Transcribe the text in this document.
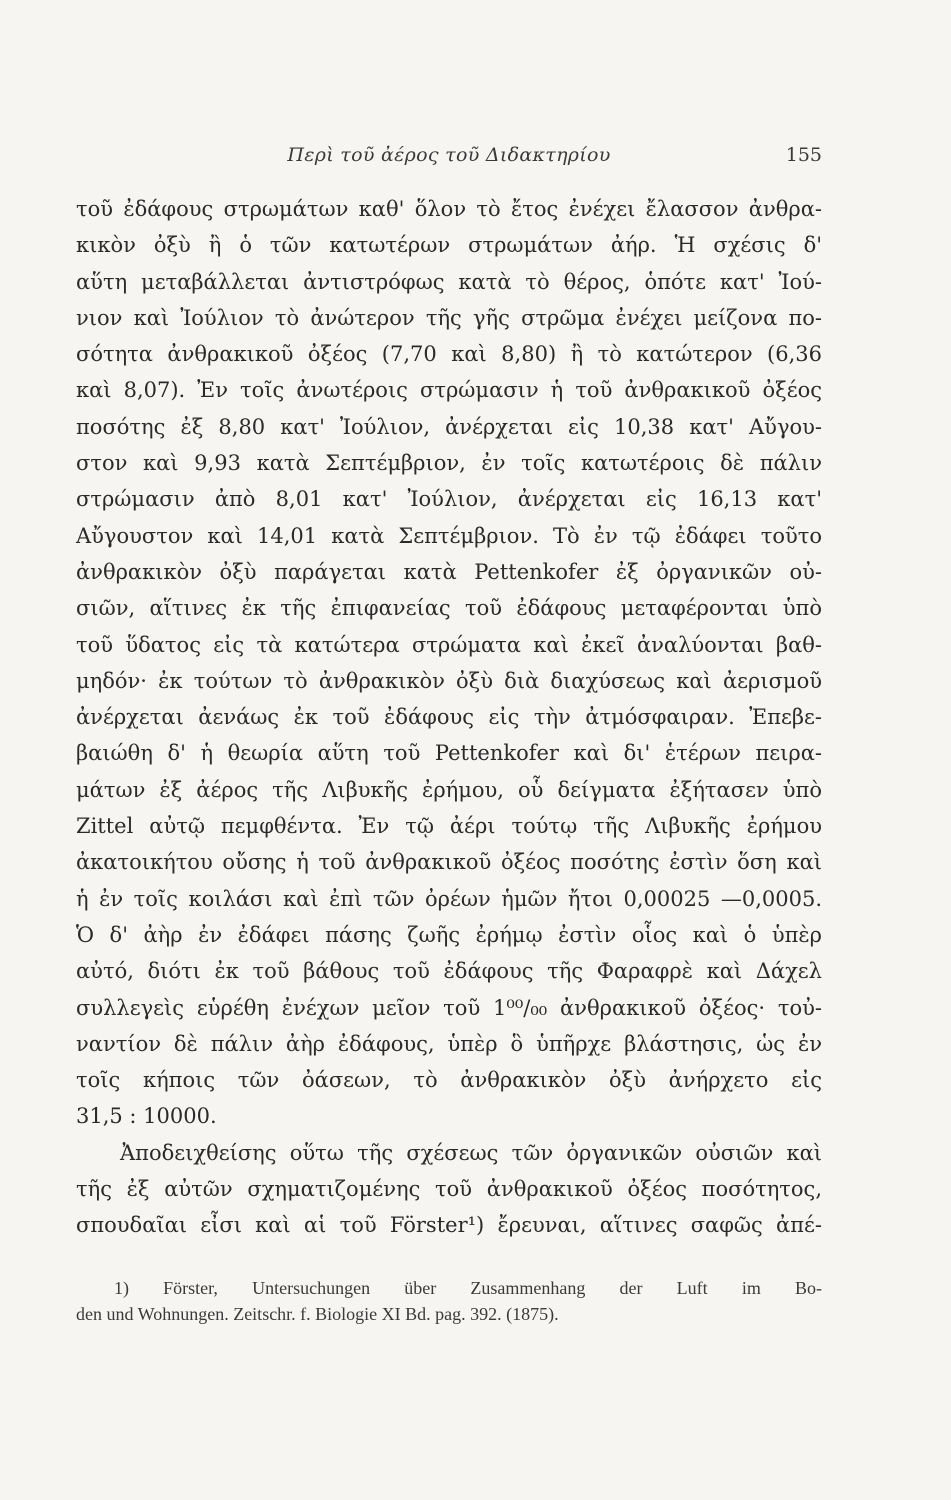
Περὶ τοῦ ἀέρος τοῦ Διδακτηρίου	155
τοῦ ἐδάφους στρωμάτων καθ' ὅλον τὸ ἔτος ἐνέχει ἔλασσον ἀνθρα-
κικὸν ὀξὺ ἢ ὁ τῶν κατωτέρων στρωμάτων ἀήρ. Ἡ σχέσις δ'
αὕτη μεταβάλλεται ἀντιστρόφως κατὰ τὸ θέρος, ὁπότε κατ' Ἰού-
νιον καὶ Ἰούλιον τὸ ἀνώτερον τῆς γῆς στρῶμα ἐνέχει μείζονα πο-
σότητα ἀνθρακικοῦ ὀξέος (7,70 καὶ 8,80) ἢ τὸ κατώτερον (6,36
καὶ 8,07). Ἐν τοῖς ἀνωτέροις στρώμασιν ἡ τοῦ ἀνθρακικοῦ ὀξέος
ποσότης ἐξ 8,80 κατ' Ἰούλιον, ἀνέρχεται εἰς 10,38 κατ' Αὔγου-
στον καὶ 9,93 κατὰ Σεπτέμβριον, ἐν τοῖς κατωτέροις δὲ πάλιν
στρώμασιν ἀπὸ 8,01 κατ' Ἰούλιον, ἀνέρχεται εἰς 16,13 κατ'
Αὔγουστον καὶ 14,01 κατὰ Σεπτέμβριον. Τὸ ἐν τῷ ἐδάφει τοῦτο
ἀνθρακικὸν ὀξὺ παράγεται κατὰ Pettenkofer ἐξ ὀργανικῶν οὐ-
σιῶν, αἵτινες ἐκ τῆς ἐπιφανείας τοῦ ἐδάφους μεταφέρονται ὑπὸ
τοῦ ὕδατος εἰς τὰ κατώτερα στρώματα καὶ ἐκεῖ ἀναλύονται βαθ-
μηδόν· ἐκ τούτων τὸ ἀνθρακικὸν ὀξὺ διὰ διαχύσεως καὶ ἀερισμοῦ
ἀνέρχεται ἀενάως ἐκ τοῦ ἐδάφους εἰς τὴν ἀτμόσφαιραν. Ἐπεβε-
βαιώθη δ' ἡ θεωρία αὕτη τοῦ Pettenkofer καὶ δι' ἑτέρων πειρα-
μάτων ἐξ ἀέρος τῆς Λιβυκῆς ἐρήμου, οὗ δείγματα ἐξήτασεν ὑπὸ
Zittel αὐτῷ πεμφθέντα. Ἐν τῷ ἀέρι τούτῳ τῆς Λιβυκῆς ἐρήμου
ἀκατοικήτου οὔσης ἡ τοῦ ἀνθρακικοῦ ὀξέος ποσότης ἐστὶν ὅση καὶ
ἡ ἐν τοῖς κοιλάσι καὶ ἐπὶ τῶν ὀρέων ἡμῶν ἤτοι 0,00025 —0,0005.
Ὁ δ' ἀὴρ ἐν ἐδάφει πάσης ζωῆς ἐρήμῳ ἐστὶν οἷος καὶ ὁ ὑπὲρ
αὐτό, διότι ἐκ τοῦ βάθους τοῦ ἐδάφους τῆς Φαραφρὲ καὶ Δάχελ
συλλεγεὶς εὑρέθη ἐνέχων μεῖον τοῦ 1⁰⁰/₀₀ ἀνθρακικοῦ ὀξέος· τοὐ-
ναντίον δὲ πάλιν ἀὴρ ἐδάφους, ὑπὲρ ὃ ὑπῆρχε βλάστησις, ὡς ἐν
τοῖς κήποις τῶν ὀάσεων, τὸ ἀνθρακικὸν ὀξὺ ἀνήρχετο εἰς
31,5 : 10000.
Ἀποδειχθείσης οὕτω τῆς σχέσεως τῶν ὀργανικῶν οὐσιῶν καὶ
τῆς ἐξ αὐτῶν σχηματιζομένης τοῦ ἀνθρακικοῦ ὀξέος ποσότητος,
σπουδαῖαι εἶσι καὶ αἱ τοῦ Förster¹) ἔρευναι, αἵτινες σαφῶς ἀπέ-
1) Förster, Untersuchungen über Zusammenhang der Luft im Bo-
den und Wohnungen. Zeitschr. f. Biologie XI Bd. pag. 392. (1875).
